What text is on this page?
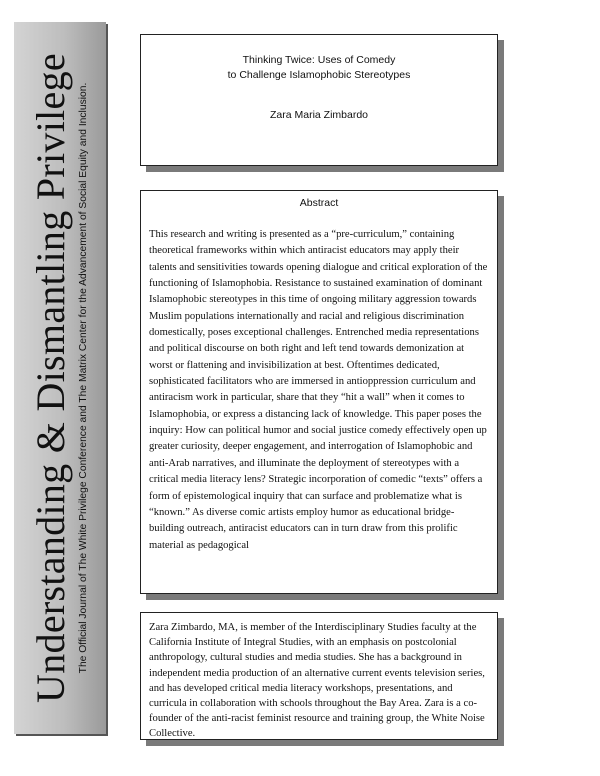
Understanding & Dismantling Privilege The Official Journal of The White Privilege Conference and The Matrix Center for the Advancement of Social Equity and Inclusion.
Thinking Twice: Uses of Comedy
to Challenge Islamophobic Stereotypes
Zara Maria Zimbardo
Abstract

This research and writing is presented as a “pre-curriculum,” containing theoretical frameworks within which antiracist educators may apply their talents and sensitivities towards opening dialogue and critical exploration of the functioning of Islamophobia. Resistance to sustained examination of dominant Islamophobic stereotypes in this time of ongoing military aggression towards Muslim populations internationally and racial and religious discrimination domestically, poses exceptional challenges. Entrenched media representations and political discourse on both right and left tend towards demonization at worst or flattening and invisibilization at best. Oftentimes dedicated, sophisticated facilitators who are immersed in antioppression curriculum and antiracism work in particular, share that they “hit a wall” when it comes to Islamophobia, or express a distancing lack of knowledge. This paper poses the inquiry: How can political humor and social justice comedy effectively open up greater curiosity, deeper engagement, and interrogation of Islamophobic and anti-Arab narratives, and illuminate the deployment of stereotypes with a critical media literacy lens? Strategic incorporation of comedic “texts” offers a form of epistemological inquiry that can surface and problematize what is “known.” As diverse comic artists employ humor as educational bridge-building outreach, antiracist educators can in turn draw from this prolific material as pedagogical

Zara Zimbardo, MA, is member of the Interdisciplinary Studies faculty at the California Institute of Integral Studies, with an emphasis on postcolonial anthropology, cultural studies and media studies. She has a background in independent media production of an alternative current events television series, and has developed critical media literacy workshops, presentations, and curricula in collaboration with schools throughout the Bay Area. Zara is a co-founder of the anti-racist feminist resource and training group, the White Noise Collective.
